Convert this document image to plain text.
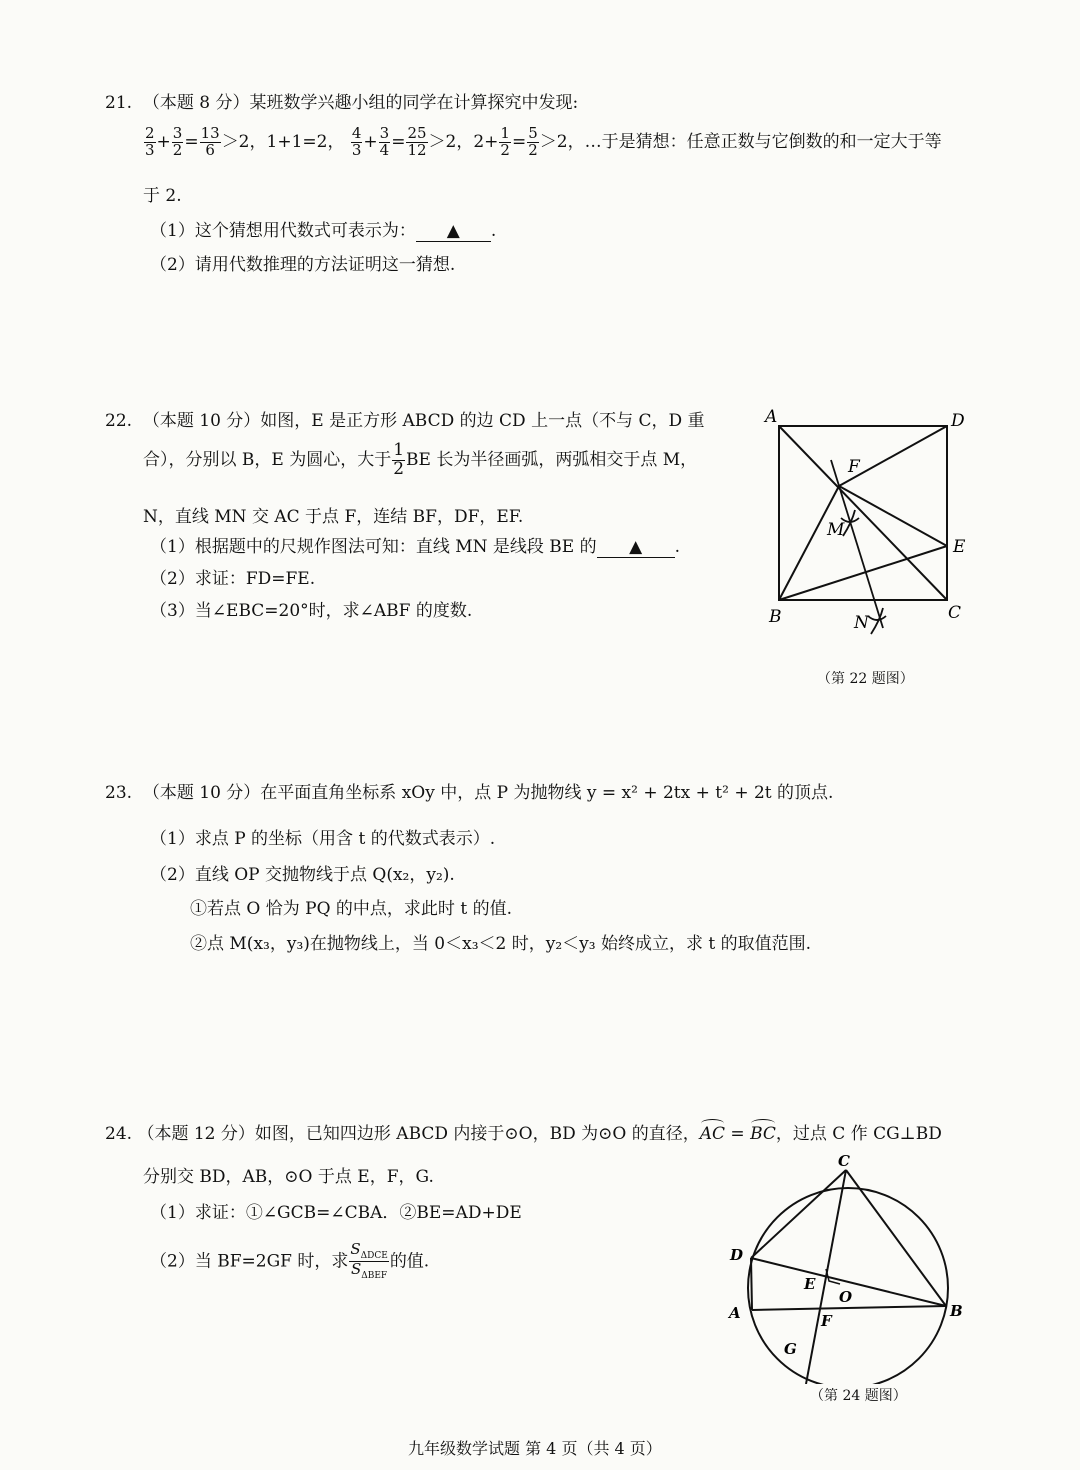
21. （本题 8 分）某班数学兴趣小组的同学在计算探究中发现:
$\frac{2}{3} + \frac{3}{2} = \frac{13}{6} >2$，1+1=2， $\frac{4}{3} + \frac{3}{4} = \frac{25}{12} >2$，$2+ \frac{1}{2} = \frac{5}{2} >2$，…于是猜想：任意正数与它倒数的和一定大于等
于 2.
（1）这个猜想用代数式可表示为： ▲ .
（2）请用代数推理的方法证明这一猜想.
22. （本题 10 分）如图，E 是正方形 ABCD 的边 CD 上一点（不与 C，D 重
合），分别以 B，E 为圆心，大于 $\frac{1}{2}$ BE 长为半径画弧，两弧相交于点 M，
N，直线 MN 交 AC 于点 F，连结 BF，DF，EF.
（1）根据题中的尺规作图法可知：直线 MN 是线段 BE 的 ▲ .
（2）求证：FD=FE.
（3）当∠EBC=20°时，求∠ABF 的度数.
A	D
F
M
E
B	C
N
（第 22 题图）
23. （本题 10 分）在平面直角坐标系 xOy 中，点 P 为抛物线 y = x² + 2tx + t² + 2t 的顶点.
（1）求点 P 的坐标（用含 t 的代数式表示）.
（2）直线 OP 交抛物线于点 Q(x₂，y₂).
①若点 O 恰为 PQ 的中点，求此时 t 的值.
②点 M(x₃，y₃)在抛物线上，当 0＜x₃＜2 时，y₂＜y₃ 始终成立，求 t 的取值范围.
24. （本题 12 分）如图，已知四边形 ABCD 内接于⊙O，BD 为⊙O 的直径，AC = BC，过点 C 作 CG⊥BD
分别交 BD，AB，⊙O 于点 E，F，G.
（1）求证：①∠GCB=∠CBA．②BE=AD+DE
（2）当 BF=2GF 时，求 $\frac{S_{\Delta DCE}}{S_{\Delta BEF}}$ 的值.
C
D
E
O
A	B
F
G
（第 24 题图）
九年级数学试题 第 4 页（共 4 页）
